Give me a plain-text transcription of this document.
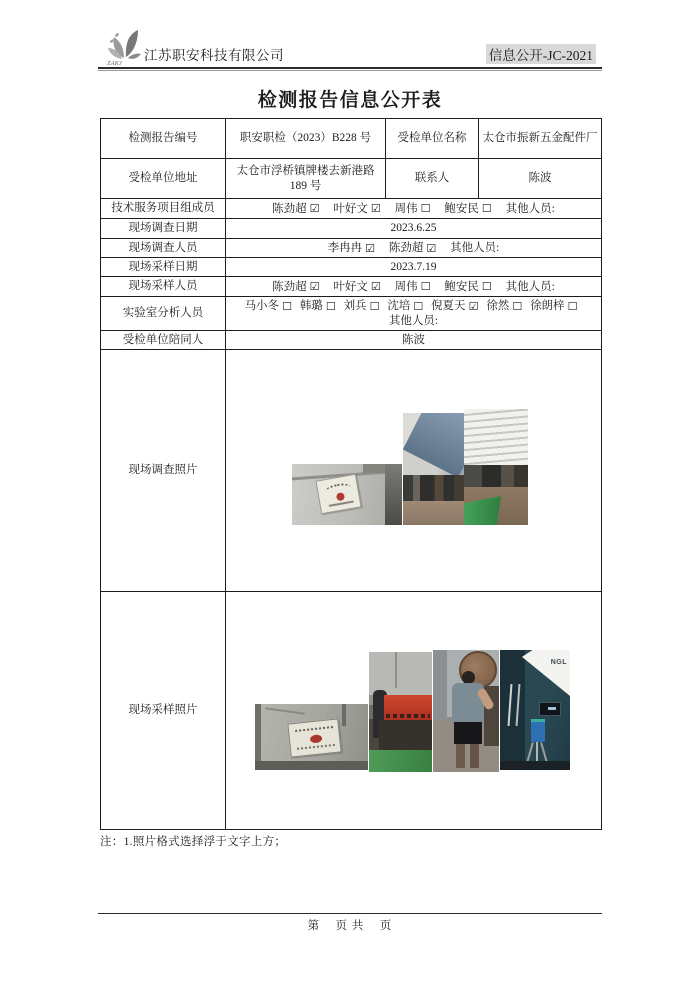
ZAKJ
江苏职安科技有限公司	信息公开-JC-2021
检测报告信息公开表
检测报告编号	职安职检（2023）B228 号	受检单位名称	太仓市振新五金配件厂
受检单位地址	太仓市浮桥镇牌楼去新港路189 号	联系人	陈波
技术服务项目组成员	陈劲超 ☑ 叶好文 ☑ 周伟 ☐ 鲍安民 ☐ 其他人员:		
现场调查日期	2023.6.25		
现场调查人员	李冉冉 ☑ 陈劲超 ☑ 其他人员:		
现场采样日期	2023.7.19		
现场采样人员	陈劲超 ☑ 叶好文 ☑ 周伟 ☐ 鲍安民 ☐ 其他人员:		
实验室分析人员	马小冬 ☐ 韩璐 ☐ 刘兵 ☐ 沈培 ☐ 倪夏天 ☑ 徐然 ☐ 徐朗梓 ☐
其他人员:		

受检单位陪同人	陈波		
现场调查照片			

现场采样照片	NGL		
注：1.照片格式选择浮于文字上方；
第    页 共    页
